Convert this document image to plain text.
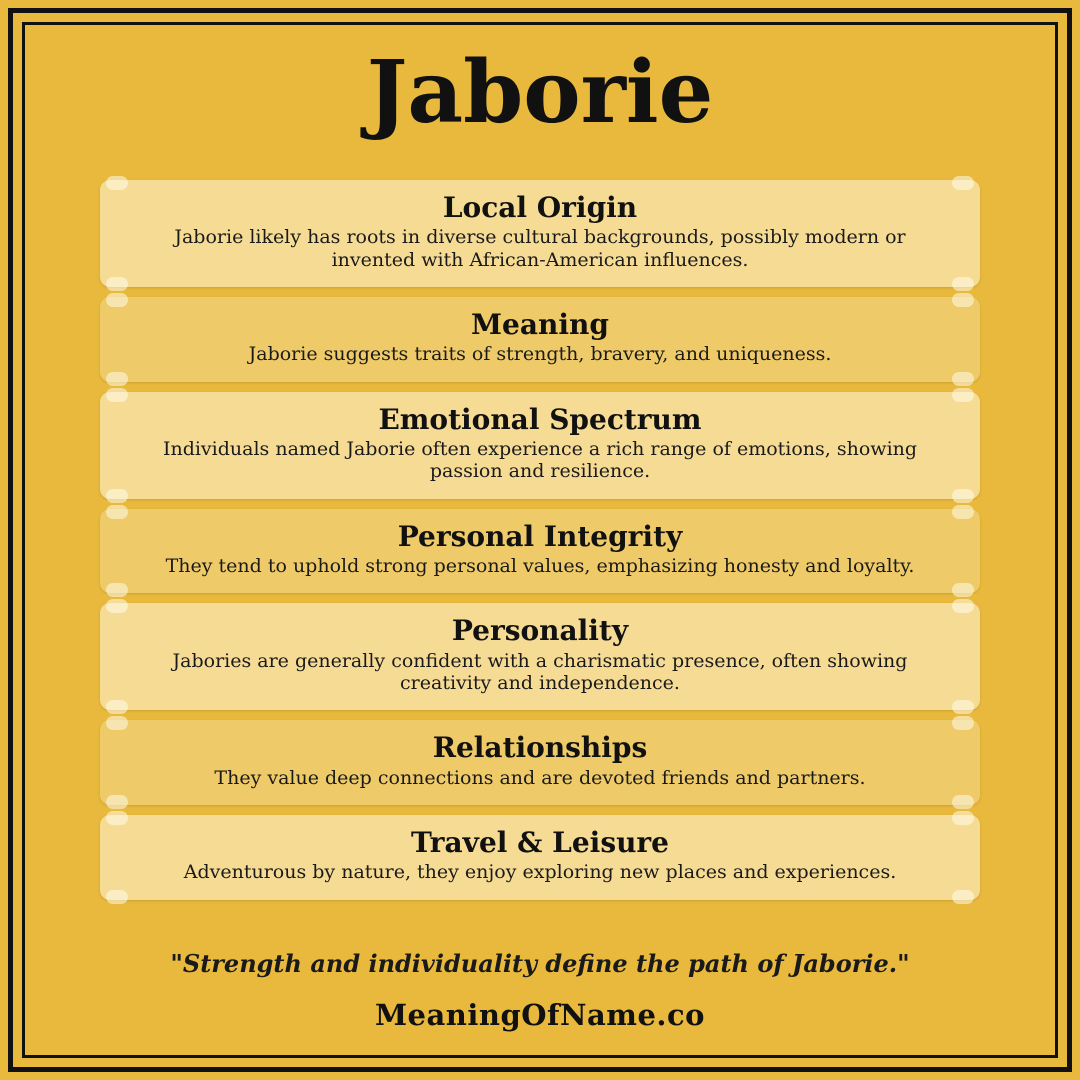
Jaborie

Local Origin

Jaborie likely has roots in diverse cultural backgrounds, possibly modern or invented with African-American influences.

Meaning

Jaborie suggests traits of strength, bravery, and uniqueness.

Emotional Spectrum

Individuals named Jaborie often experience a rich range of emotions, showing passion and resilience.

Personal Integrity

They tend to uphold strong personal values, emphasizing honesty and loyalty.

Personality

Jabories are generally confident with a charismatic presence, often showing creativity and independence.

Relationships

They value deep connections and are devoted friends and partners.

Travel & Leisure

Adventurous by nature, they enjoy exploring new places and experiences.

"Strength and individuality define the path of Jaborie."

MeaningOfName.co
